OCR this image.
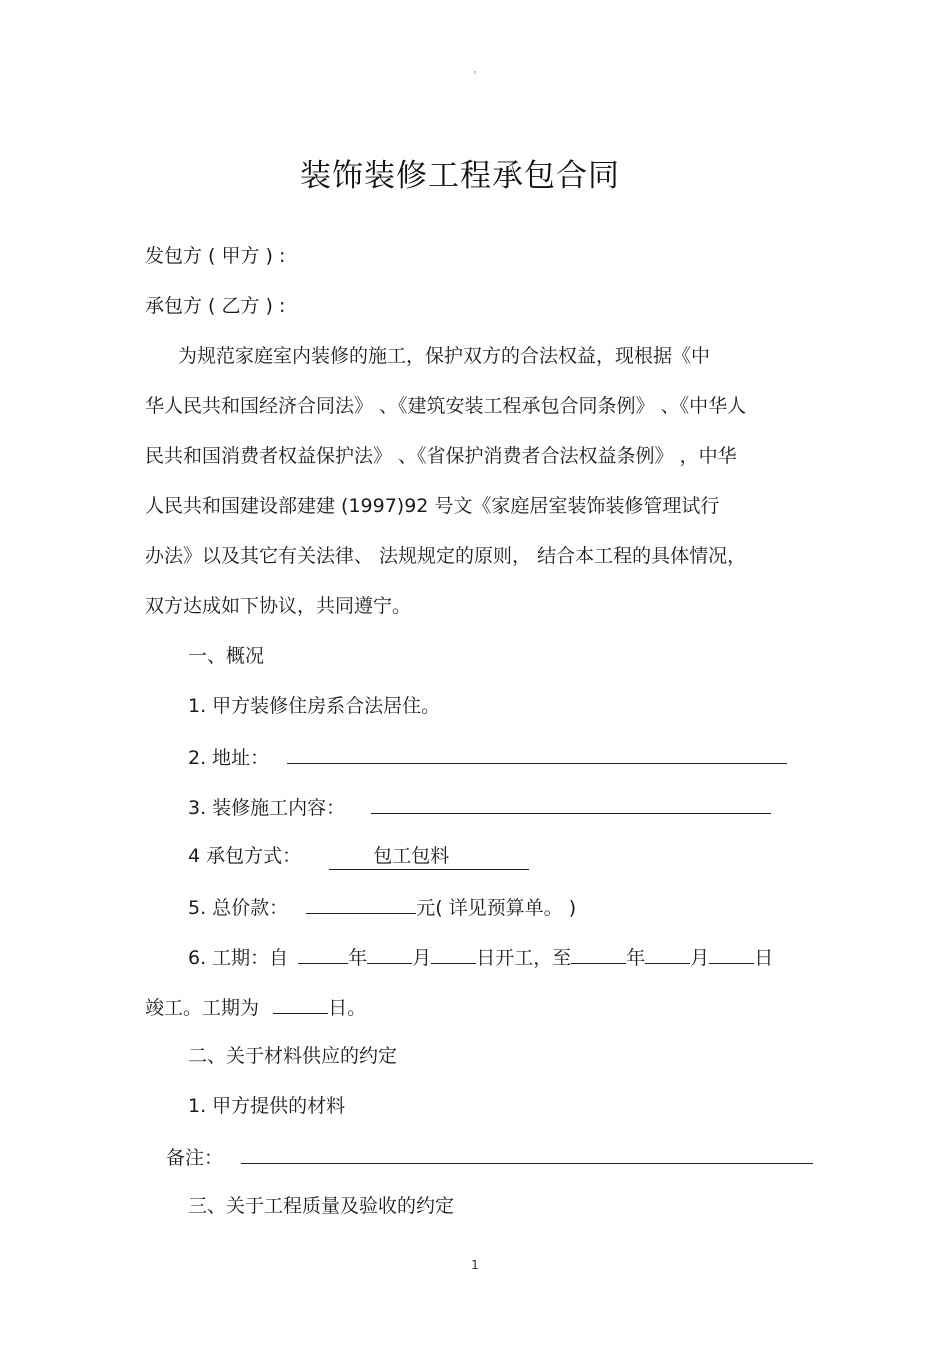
°
装饰装修工程承包合同
发包方 ( 甲方 ) :
承包方 ( 乙方 ) :
为规范家庭室内装修的施工，保护双方的合法权益，现根据《中
华人民共和国经济合同法》 、《建筑安装工程承包合同条例》 、《中华人
民共和国消费者权益保护法》 、《省保护消费者合法权益条例》 ，中华
人民共和国建设部建建 (1997)92 号文《家庭居室装饰装修管理试行
办法》以及其它有关法律、 法规规定的原则， 结合本工程的具体情况，
双方达成如下协议，共同遵宁。
一、概况
1. 甲方装修住房系合法居住。
2. 地址：
3. 装修施工内容：
4 承包方式：	包工包料
5. 总价款：	元( 详见预算单。 )
6. 工期：自	年 月 日开工，至	年 月 日
竣工。工期为	日。
二、关于材料供应的约定
1. 甲方提供的材料
备注：
三、关于工程质量及验收的约定
1
